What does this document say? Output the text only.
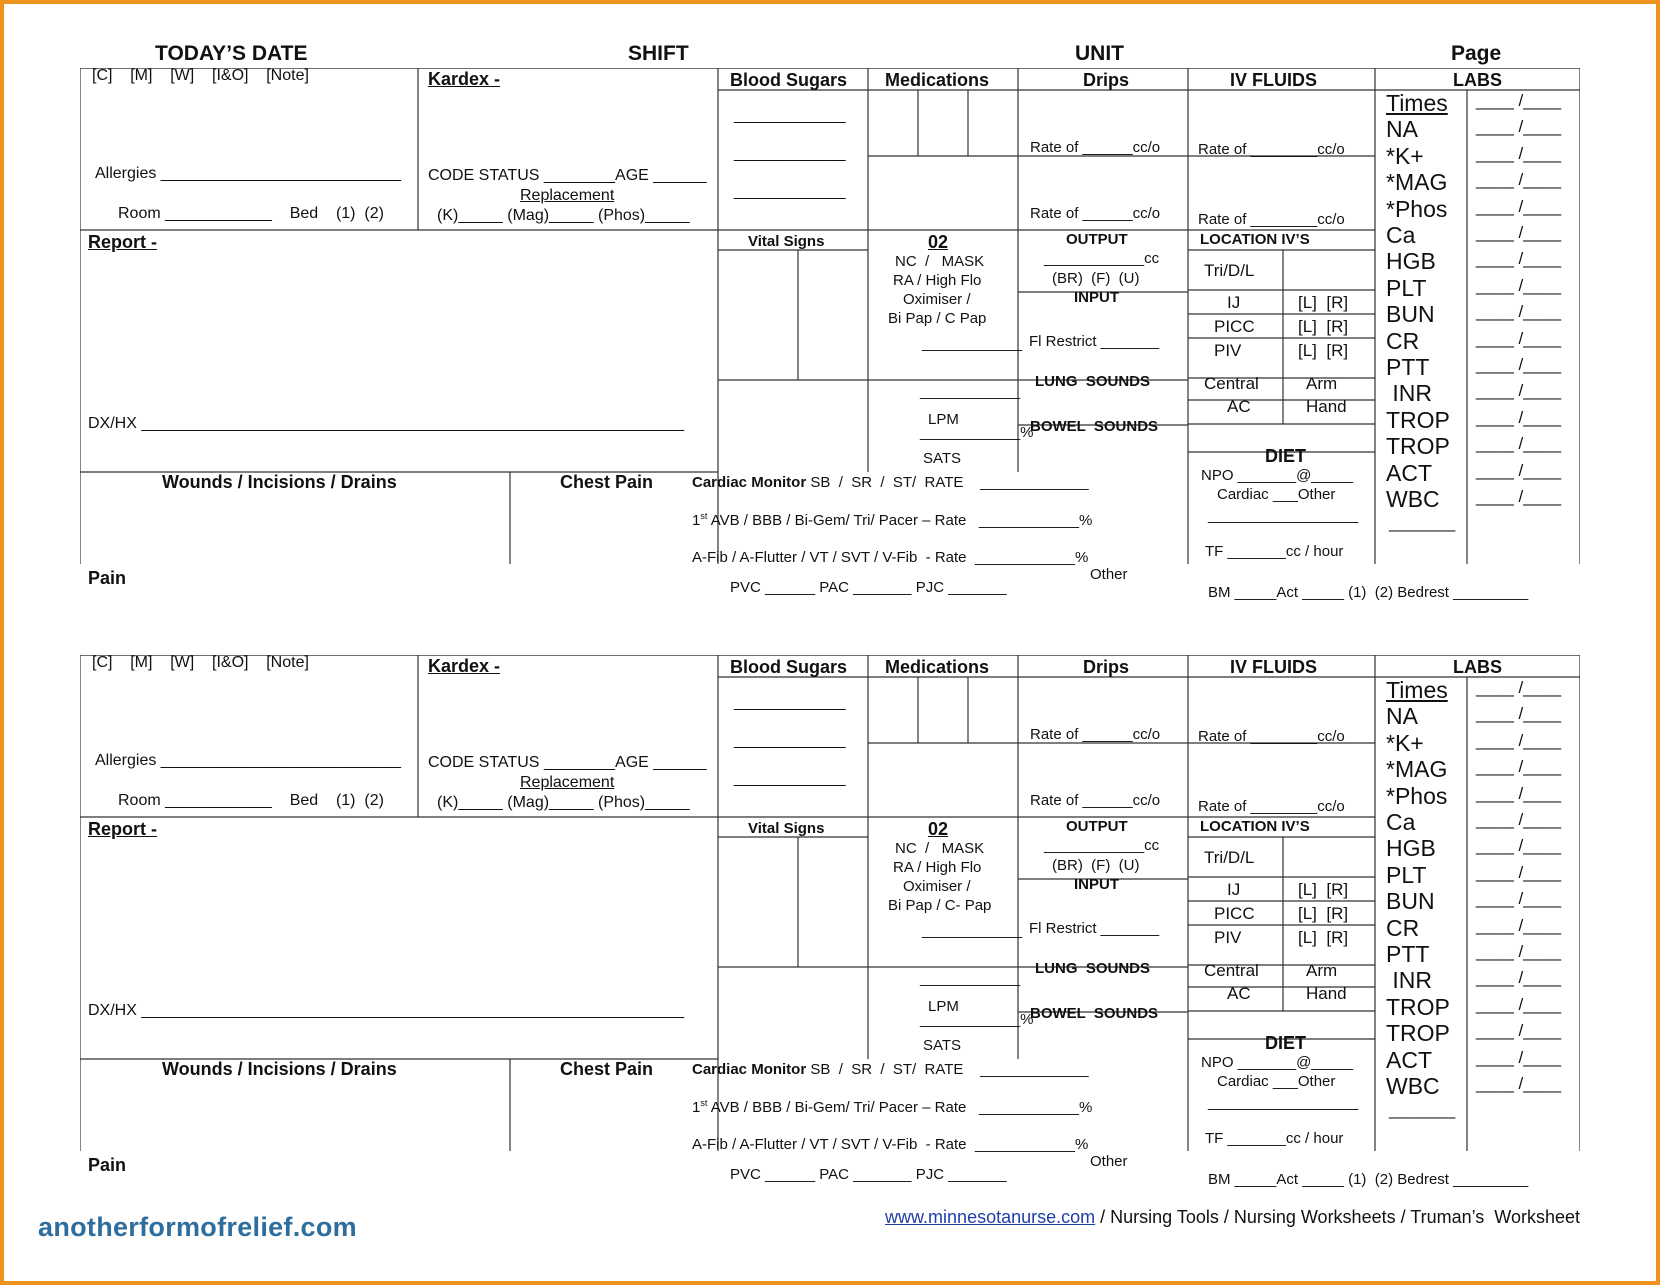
TODAY’S DATE	SHIFT	UNIT	Page
[C]    [M]    [W]    [I&O]    [Note]
Allergies ___________________________
Room ____________    Bed    (1)  (2)
Kardex -
CODE STATUS ________AGE ______
Replacement
(K)_____ (Mag)_____ (Phos)_____
Report -
DX/HX _____________________________________________________________
Wounds / Incisions / Drains	Chest Pain
Pain
Blood Sugars Medications	Drips	IV FLUIDS	LABS
Vital Signs	02
NC  /   MASK
RA / High Flo
Oximiser /
Bi Pap / C Pap
LPM
SATS
Rate of ______cc/o
Rate of ______cc/o
Rate of ________cc/o
Rate of ________cc/o
OUTPUT
____________cc
(BR)  (F)  (U)
INPUT
Fl Restrict _______
LUNG  SOUNDS
BOWEL  SOUNDS
LOCATION IV’S
Tri/D/L
Central	Arm
AC	Hand
DIET
NPO _______@_____
Cardiac ___Other
TF _______cc / hour
PVC ______ PAC _______ PJC _______
Other
BM _____Act _____ (1)  (2) Bedrest _________
______________
______________
______________
____________
____________
____________%
__________________
IJ	[L]  [R]
PICC	[L]  [R]
PIV	[L]  [R]
Cardiac Monitor SB  /  SR  /  ST/  RATE    _____________
1st AVB / BBB / Bi-Gem/ Tri/ Pacer – Rate   ____________%
A-Fib / A-Flutter / VT / SVT / V-Fib  - Rate  ____________%
Times
NA	____ /____
*K+	____ /____
*MAG ____ /____
*Phos ____ /____
Ca	____ /____
HGB ____ /____
PLT	____ /____
BUN ____ /____
CR	____ /____
PTT	____ /____
INR	____ /____
TROP ____ /____
TROP ____ /____
ACT	____ /____
WBC ____ /____
____ /____
_______
[C]    [M]    [W]    [I&O]    [Note]
Allergies ___________________________
Room ____________    Bed    (1)  (2)
Kardex -
CODE STATUS ________AGE ______
Replacement
(K)_____ (Mag)_____ (Phos)_____
Report -
DX/HX _____________________________________________________________
Wounds / Incisions / Drains	Chest Pain
Pain
Blood Sugars Medications	Drips	IV FLUIDS	LABS
Vital Signs	02
NC  /   MASK
RA / High Flo
Oximiser /
Bi Pap / C- Pap
LPM
SATS
Rate of ______cc/o
Rate of ______cc/o
Rate of ________cc/o
Rate of ________cc/o
OUTPUT
____________cc
(BR)  (F)  (U)
INPUT
Fl Restrict _______
LUNG  SOUNDS
BOWEL  SOUNDS
LOCATION IV’S
Tri/D/L
Central	Arm
AC	Hand
DIET
NPO _______@_____
Cardiac ___Other
TF _______cc / hour
PVC ______ PAC _______ PJC _______
Other
BM _____Act _____ (1)  (2) Bedrest _________
______________
______________
______________
____________
____________
____________%
__________________
IJ	[L]  [R]
PICC	[L]  [R]
PIV	[L]  [R]
Cardiac Monitor SB  /  SR  /  ST/  RATE    _____________
1st AVB / BBB / Bi-Gem/ Tri/ Pacer – Rate   ____________%
A-Fib / A-Flutter / VT / SVT / V-Fib  - Rate  ____________%
Times
NA	____ /____
*K+	____ /____
*MAG ____ /____
*Phos ____ /____
Ca	____ /____
HGB ____ /____
PLT	____ /____
BUN ____ /____
CR	____ /____
PTT	____ /____
INR	____ /____
TROP ____ /____
TROP ____ /____
ACT	____ /____
WBC ____ /____
____ /____
_______
www.minnesotanurse.com / Nursing Tools / Nursing Worksheets / Truman’s  Worksheet
anotherformofrelief.com
